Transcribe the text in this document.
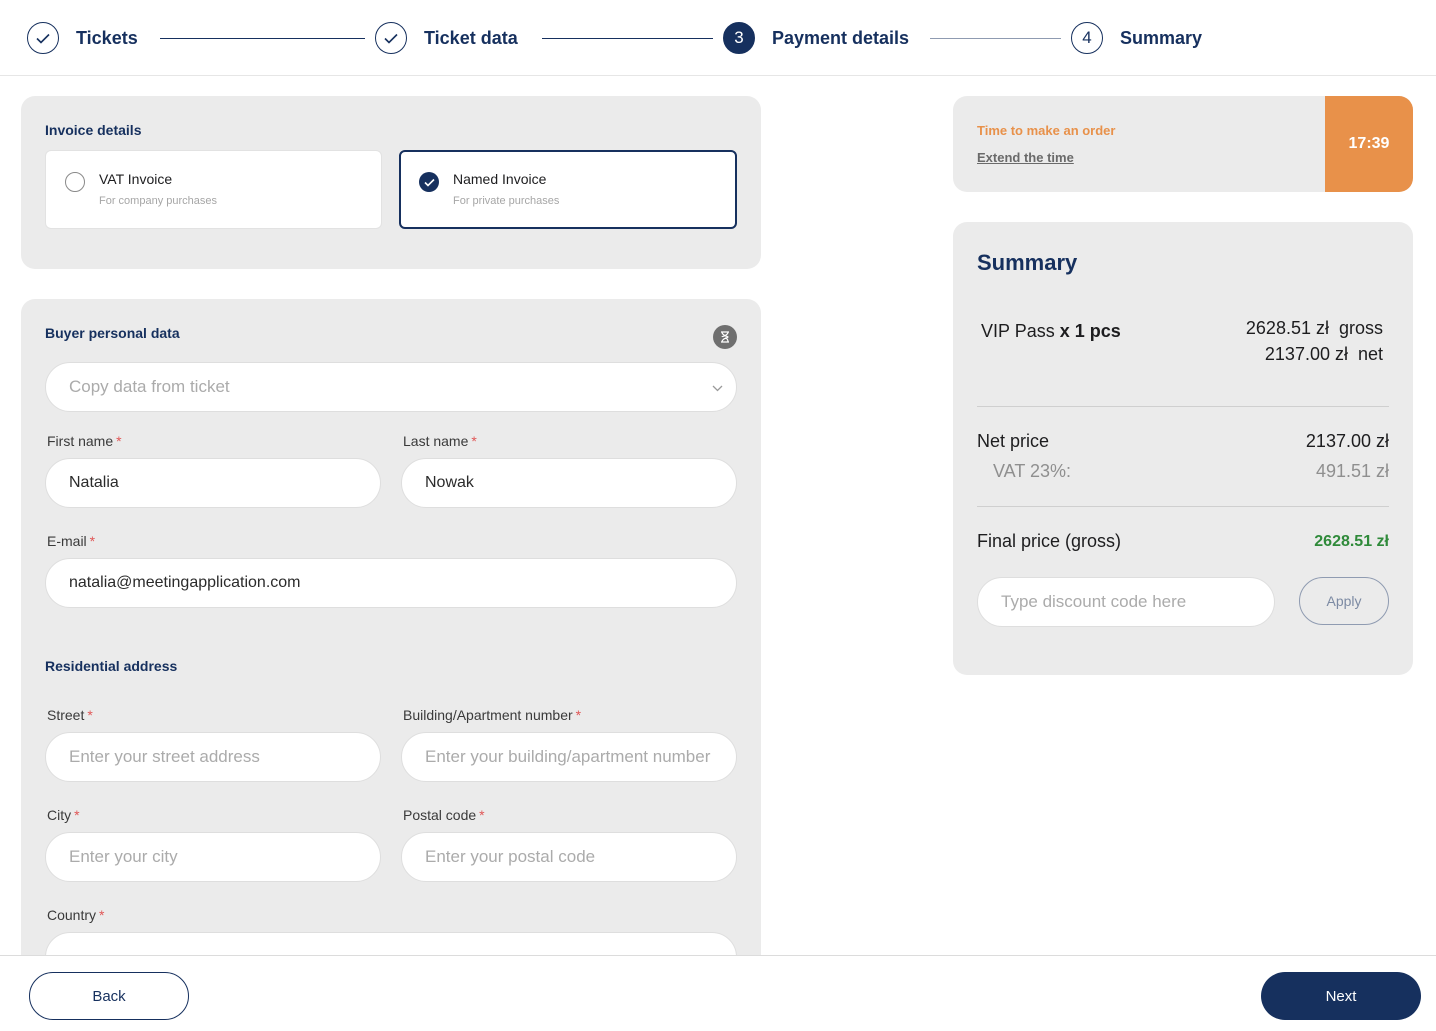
Tickets	Ticket data	3	Payment details	4	Summary
Invoice details
VAT Invoice
For company purchases
Named Invoice
For private purchases
Buyer personal data
Copy data from ticket
First name *
Natalia
Last name *
Nowak
E-mail *
natalia@meetingapplication.com
Residential address
Street *
Enter your street address
Building/Apartment number *
Enter your building/apartment number
City *
Enter your city
Postal code *
Enter your postal code
Country *
Time to make an order
Extend the time
17:39
Summary
VIP Pass x 1 pcs	2628.51 zł  gross
2137.00 zł  net
Net price	2137.00 zł
VAT 23%:	491.51 zł
Final price (gross)	2628.51 zł
Type discount code here	Apply
Back	Next
